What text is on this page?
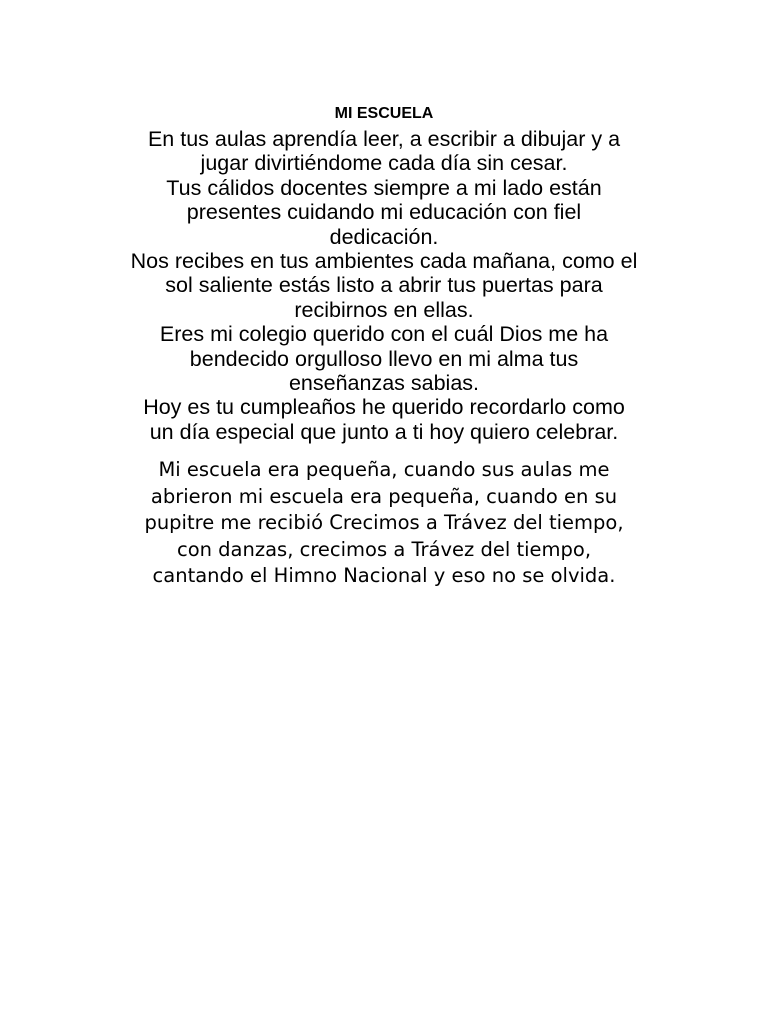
MI ESCUELA
En tus aulas aprendía leer, a escribir a dibujar y a
jugar divirtiéndome cada día sin cesar.
Tus cálidos docentes siempre a mi lado están
presentes cuidando mi educación con fiel
dedicación.
Nos recibes en tus ambientes cada mañana, como el
sol saliente estás listo a abrir tus puertas para
recibirnos en ellas.
Eres mi colegio querido con el cuál Dios me ha
bendecido orgulloso llevo en mi alma tus
enseñanzas sabias.
Hoy es tu cumpleaños he querido recordarlo como
un día especial que junto a ti hoy quiero celebrar.
Mi escuela era pequeña, cuando sus aulas me
abrieron mi escuela era pequeña, cuando en su
pupitre me recibió Crecimos a Trávez del tiempo,
con danzas, crecimos a Trávez del tiempo,
cantando el Himno Nacional y eso no se olvida.
